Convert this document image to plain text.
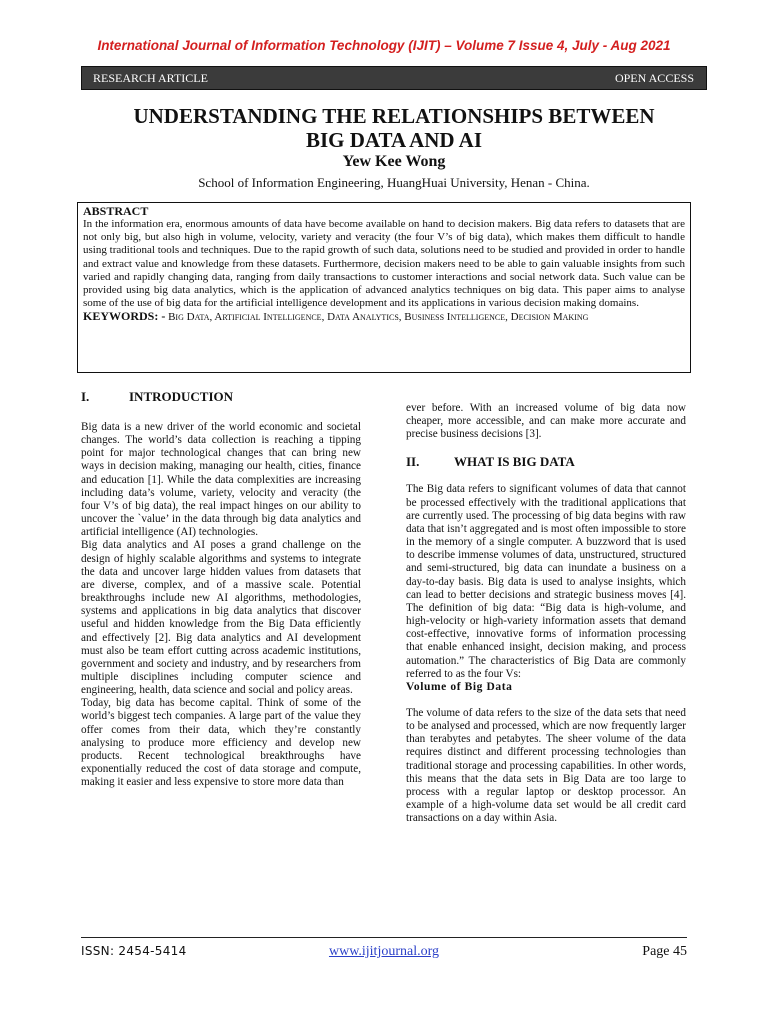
International Journal of Information Technology (IJIT) – Volume 7 Issue 4, July - Aug 2021
RESEARCH ARTICLE	OPEN ACCESS
UNDERSTANDING THE RELATIONSHIPS BETWEEN
BIG DATA AND AI
Yew Kee Wong
School of Information Engineering, HuangHuai University, Henan - China.
ABSTRACT

In the information era, enormous amounts of data have become available on hand to decision makers. Big data refers to datasets that are not only big, but also high in volume, velocity, variety and veracity (the four V’s of big data), which makes them difficult to handle using traditional tools and techniques. Due to the rapid growth of such data, solutions need to be studied and provided in order to handle and extract value and knowledge from these datasets. Furthermore, decision makers need to be able to gain valuable insights from such varied and rapidly changing data, ranging from daily transactions to customer interactions and social network data. Such value can be provided using big data analytics, which is the application of advanced analytics techniques on big data. This paper aims to analyse some of the use of big data for the artificial intelligence development and its applications in various decision making domains.

KEYWORDS: - Big Data, Artificial Intelligence, Data Analytics, Business Intelligence, Decision Making

I.	INTRODUCTION

Big data is a new driver of the world economic and societal changes. The world’s data collection is reaching a tipping point for major technological changes that can bring new ways in decision making, managing our health, cities, finance and education [1]. While the data complexities are increasing including data’s volume, variety, velocity and veracity (the four V’s of big data), the real impact hinges on our ability to uncover the `value’ in the data through big data analytics and artificial intelligence (AI) technologies.

Big data analytics and AI poses a grand challenge on the design of highly scalable algorithms and systems to integrate the data and uncover large hidden values from datasets that are diverse, complex, and of a massive scale. Potential breakthroughs include new AI algorithms, methodologies, systems and applications in big data analytics that discover useful and hidden knowledge from the Big Data efficiently and effectively [2]. Big data analytics and AI development must also be team effort cutting across academic institutions, government and society and industry, and by researchers from multiple disciplines including computer science and engineering, health, data science and social and policy areas.

Today, big data has become capital. Think of some of the world’s biggest tech companies. A large part of the value they offer comes from their data, which they’re constantly analysing to produce more efficiency and develop new products. Recent technological breakthroughs have exponentially reduced the cost of data storage and compute, making it easier and less expensive to store more data than

ever before. With an increased volume of big data now cheaper, more accessible, and can make more accurate and precise business decisions [3].

II.	WHAT IS BIG DATA

The Big data refers to significant volumes of data that cannot be processed effectively with the traditional applications that are currently used. The processing of big data begins with raw data that isn’t aggregated and is most often impossible to store in the memory of a single computer. A buzzword that is used to describe immense volumes of data, unstructured, structured and semi-structured, big data can inundate a business on a day-to-day basis. Big data is used to analyse insights, which can lead to better decisions and strategic business moves [4]. The definition of big data: “Big data is high-volume, and high-velocity or high-variety information assets that demand cost-effective, innovative forms of information processing that enable enhanced insight, decision making, and process automation.” The characteristics of Big Data are commonly referred to as the four Vs:

Volume of Big Data

The volume of data refers to the size of the data sets that need to be analysed and processed, which are now frequently larger than terabytes and petabytes. The sheer volume of the data requires distinct and different processing technologies than traditional storage and processing capabilities. In other words, this means that the data sets in Big Data are too large to process with a regular laptop or desktop processor. An example of a high-volume data set would be all credit card transactions on a day within Asia.

ISSN: 2454-5414	www.ijitjournal.org	Page 45
